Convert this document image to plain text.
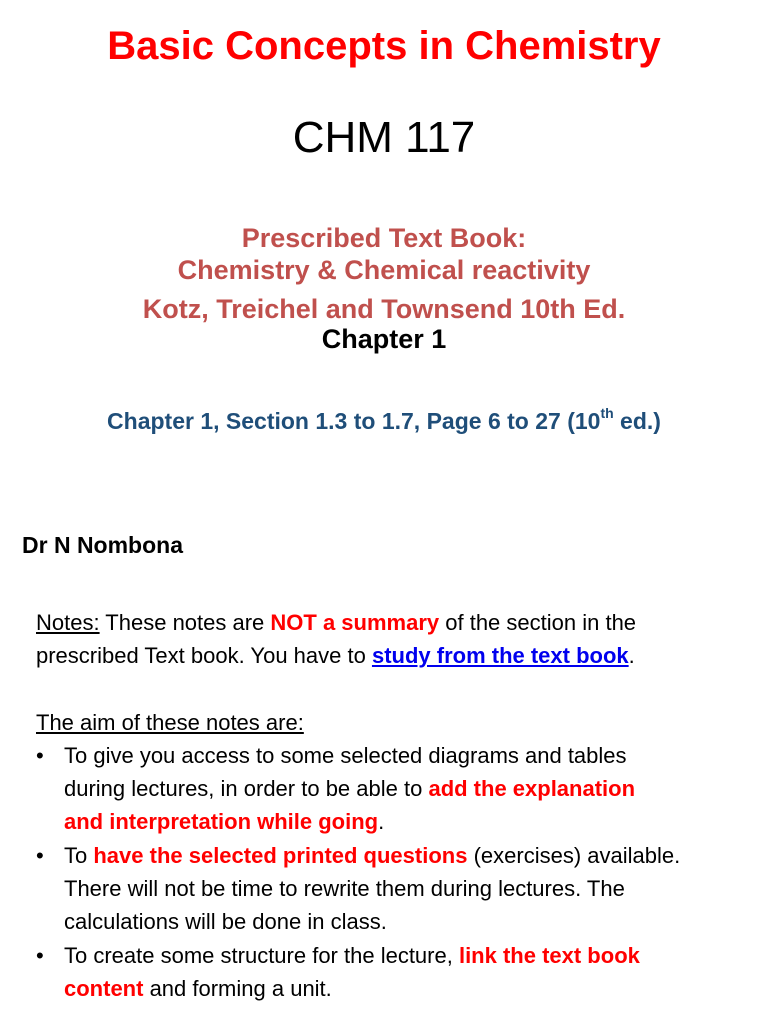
Basic Concepts in Chemistry
CHM 117
Prescribed Text Book:
Chemistry & Chemical reactivity
Kotz, Treichel and Townsend 10th Ed.
Chapter 1
Chapter 1, Section 1.3 to 1.7, Page 6 to 27 (10th ed.)
Dr N Nombona
Notes: These notes are NOT a summary of the section in the
prescribed Text book. You have to study from the text book.
The aim of these notes are:
• To give you access to some selected diagrams and tables
during lectures, in order to be able to add the explanation
and interpretation while going.
• To have the selected printed questions (exercises) available.
There will not be time to rewrite them during lectures. The
calculations will be done in class.
• To create some structure for the lecture, link the text book
content and forming a unit.
